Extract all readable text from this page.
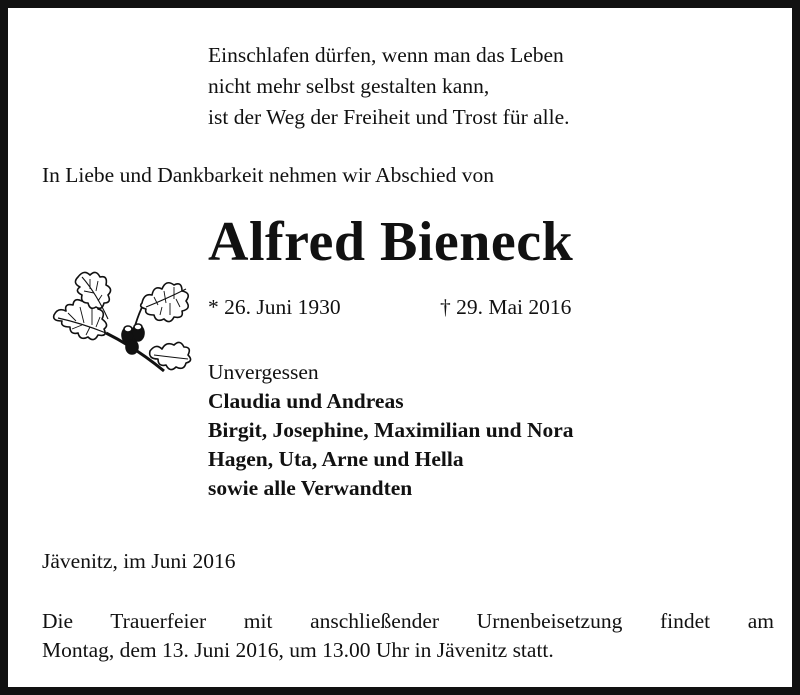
Einschlafen dürfen, wenn man das Leben
nicht mehr selbst gestalten kann,
ist der Weg der Freiheit und Trost für alle.
In Liebe und Dankbarkeit nehmen wir Abschied von
Alfred Bieneck
* 26. Juni 1930	† 29. Mai 2016
Unvergessen
Claudia und Andreas
Birgit, Josephine, Maximilian und Nora
Hagen, Uta, Arne und Hella
sowie alle Verwandten
Jävenitz, im Juni 2016
Die Trauerfeier mit anschließender Urnenbeisetzung findet am
Montag, dem 13. Juni 2016, um 13.00 Uhr in Jävenitz statt.
